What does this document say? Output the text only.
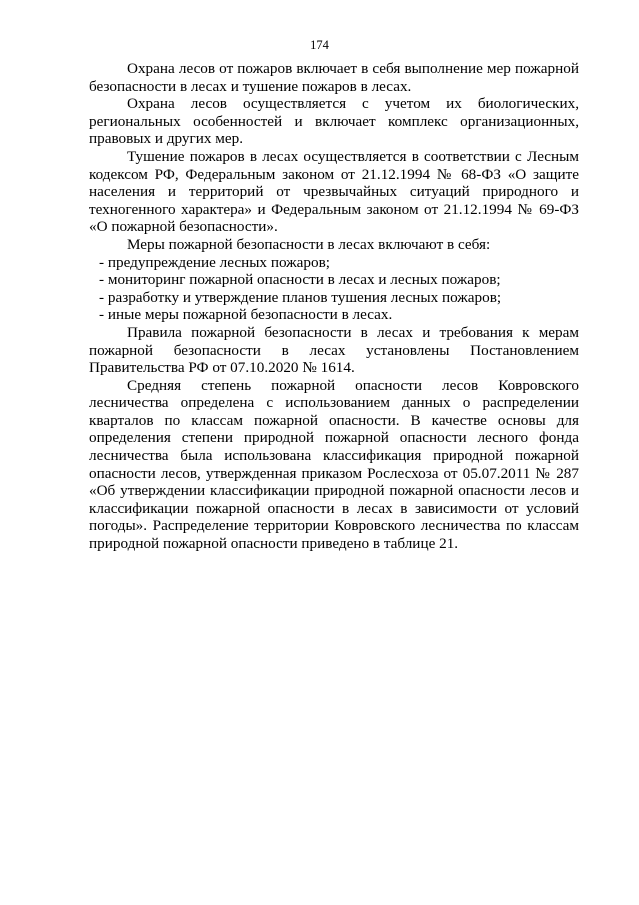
174

Охрана лесов от пожаров включает в себя выполнение мер пожарной безопасности в лесах и тушение пожаров в лесах.

Охрана лесов осуществляется с учетом их биологических, региональных особенностей и включает комплекс организационных, правовых и других мер.

Тушение пожаров в лесах осуществляется в соответствии с Лесным кодексом РФ, Федеральным законом от 21.12.1994 № 68-ФЗ «О защите населения и территорий от чрезвычайных ситуаций природного и техногенного характера» и Федеральным законом от 21.12.1994 № 69-ФЗ «О пожарной безопасности».

Меры пожарной безопасности в лесах включают в себя:

- предупреждение лесных пожаров;

- мониторинг пожарной опасности в лесах и лесных пожаров;

- разработку и утверждение планов тушения лесных пожаров;

- иные меры пожарной безопасности в лесах.

Правила пожарной безопасности в лесах и требования к мерам пожарной безопасности в лесах установлены Постановлением Правительства РФ от 07.10.2020 № 1614.

Средняя степень пожарной опасности лесов Ковровского лесничества определена с использованием данных о распределении кварталов по классам пожарной опасности. В качестве основы для определения степени природной пожарной опасности лесного фонда лесничества была использована классификация природной пожарной опасности лесов, утвержденная приказом Рослесхоза от 05.07.2011 № 287 «Об утверждении классификации природной пожарной опасности лесов и классификации пожарной опасности в лесах в зависимости от условий погоды». Распределение территории Ковровского лесничества по классам природной пожарной опасности приведено в таблице 21.
